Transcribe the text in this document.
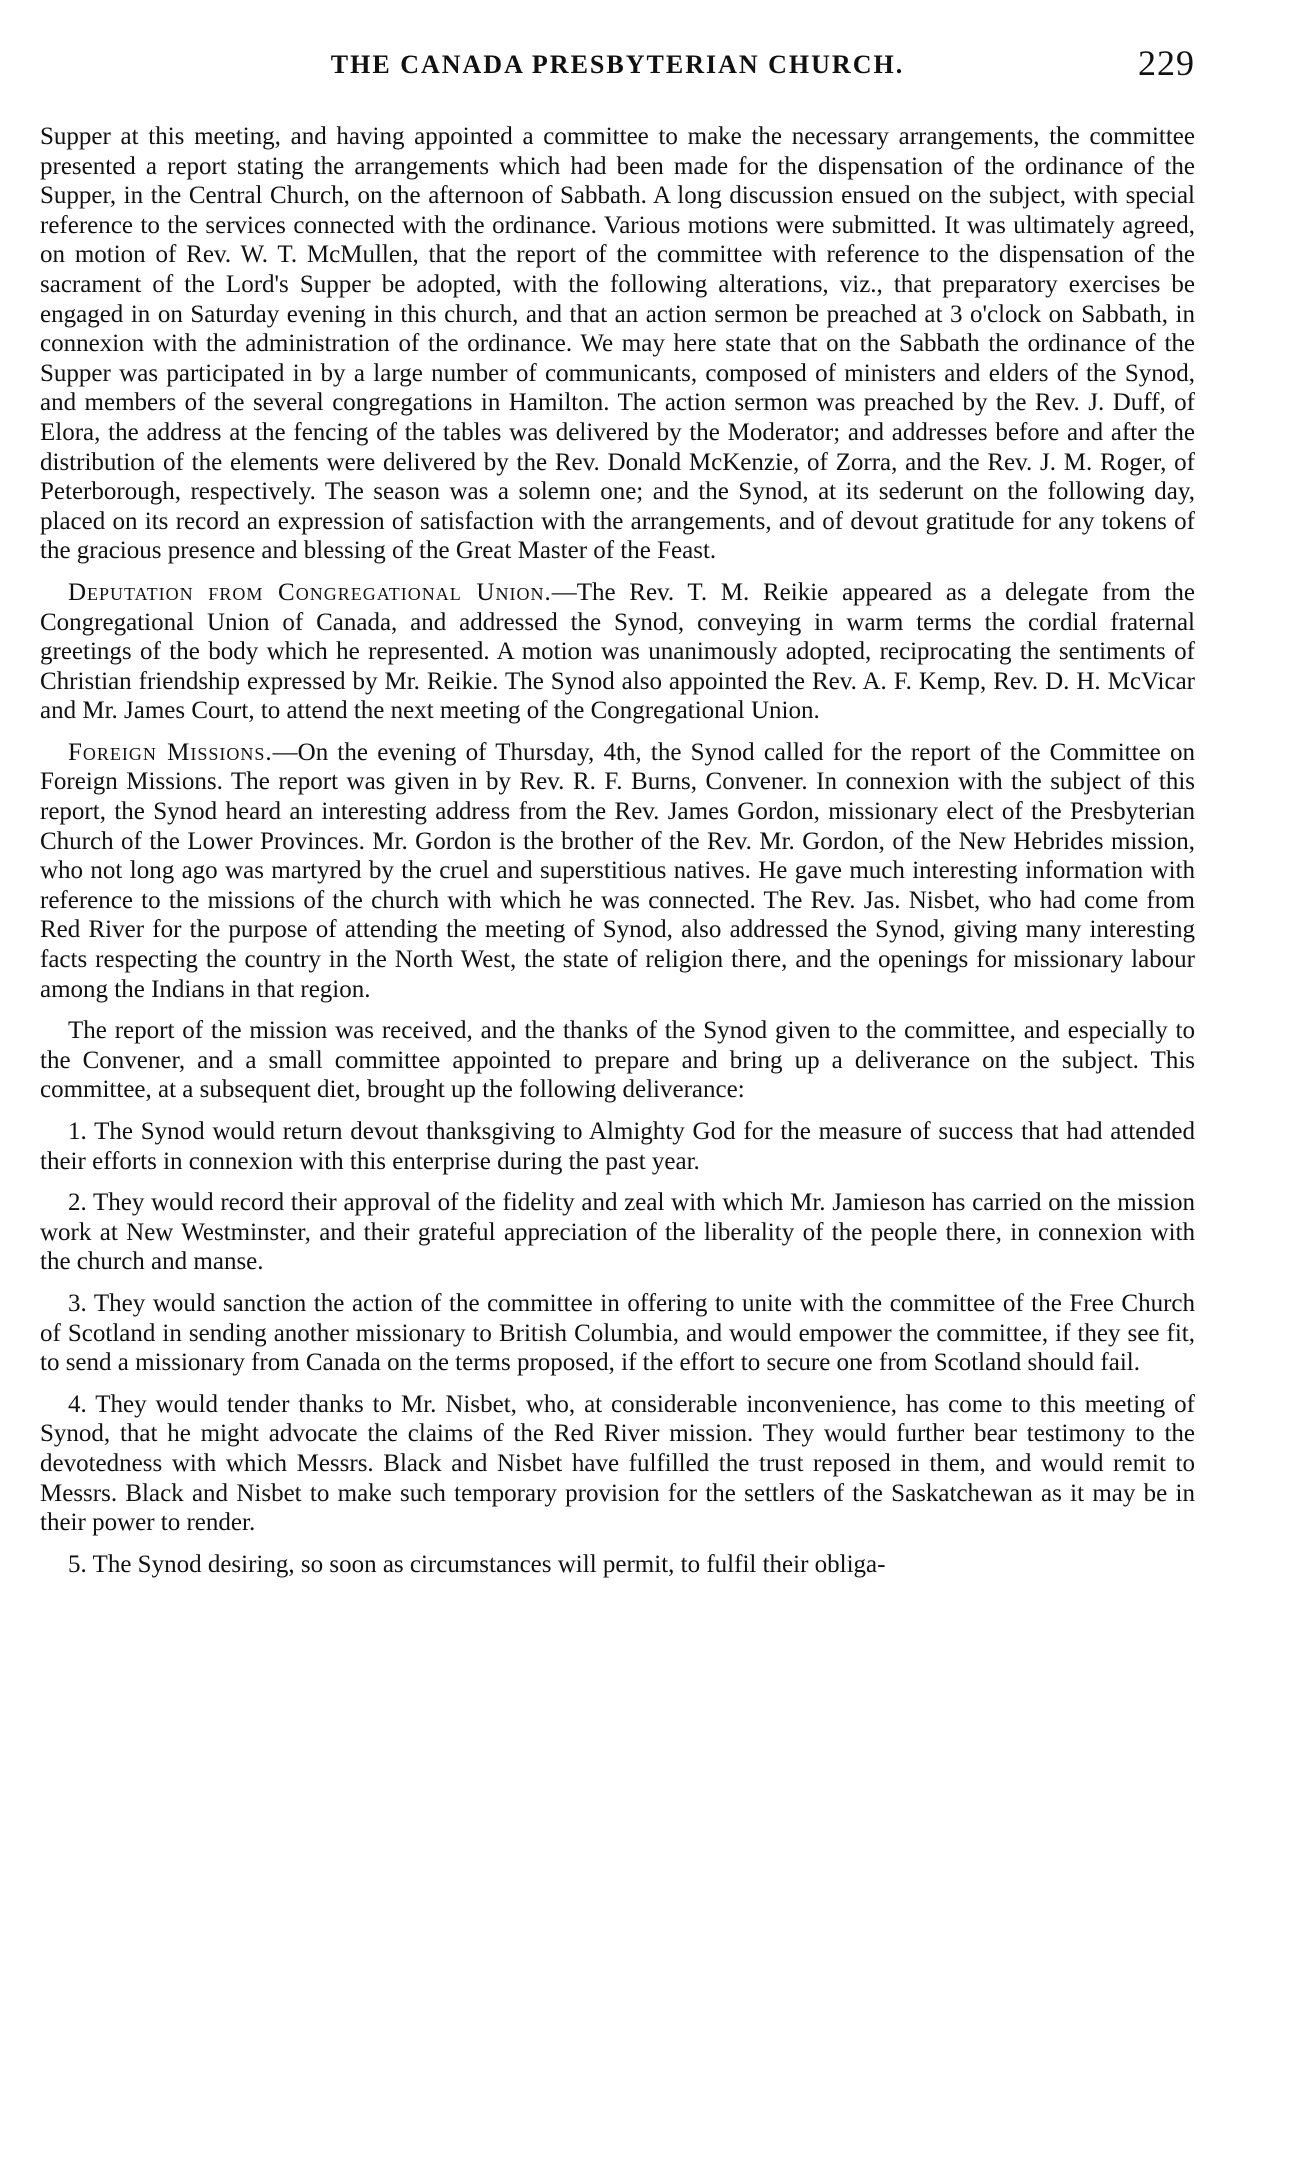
THE CANADA PRESBYTERIAN CHURCH.	229

Supper at this meeting, and having appointed a committee to make the necessary arrangements, the committee presented a report stating the arrangements which had been made for the dispensation of the ordinance of the Supper, in the Central Church, on the afternoon of Sabbath. A long discussion ensued on the subject, with special reference to the services connected with the ordinance. Various motions were submitted. It was ultimately agreed, on motion of Rev. W. T. McMullen, that the report of the committee with reference to the dispensation of the sacrament of the Lord's Supper be adopted, with the following alterations, viz., that preparatory exercises be engaged in on Saturday evening in this church, and that an action sermon be preached at 3 o'clock on Sabbath, in connexion with the administration of the ordinance. We may here state that on the Sabbath the ordinance of the Supper was participated in by a large number of communicants, composed of ministers and elders of the Synod, and members of the several congregations in Hamilton. The action sermon was preached by the Rev. J. Duff, of Elora, the address at the fencing of the tables was delivered by the Moderator; and addresses before and after the distribution of the elements were delivered by the Rev. Donald McKenzie, of Zorra, and the Rev. J. M. Roger, of Peterborough, respectively. The season was a solemn one; and the Synod, at its sederunt on the following day, placed on its record an expression of satisfaction with the arrangements, and of devout gratitude for any tokens of the gracious presence and blessing of the Great Master of the Feast.

Deputation from Congregational Union.—The Rev. T. M. Reikie appeared as a delegate from the Congregational Union of Canada, and addressed the Synod, conveying in warm terms the cordial fraternal greetings of the body which he represented. A motion was unanimously adopted, reciprocating the sentiments of Christian friendship expressed by Mr. Reikie. The Synod also appointed the Rev. A. F. Kemp, Rev. D. H. McVicar and Mr. James Court, to attend the next meeting of the Congregational Union.

Foreign Missions.—On the evening of Thursday, 4th, the Synod called for the report of the Committee on Foreign Missions. The report was given in by Rev. R. F. Burns, Convener. In connexion with the subject of this report, the Synod heard an interesting address from the Rev. James Gordon, missionary elect of the Presbyterian Church of the Lower Provinces. Mr. Gordon is the brother of the Rev. Mr. Gordon, of the New Hebrides mission, who not long ago was martyred by the cruel and superstitious natives. He gave much interesting information with reference to the missions of the church with which he was connected. The Rev. Jas. Nisbet, who had come from Red River for the purpose of attending the meeting of Synod, also addressed the Synod, giving many interesting facts respecting the country in the North West, the state of religion there, and the openings for missionary labour among the Indians in that region.

The report of the mission was received, and the thanks of the Synod given to the committee, and especially to the Convener, and a small committee appointed to prepare and bring up a deliverance on the subject. This committee, at a subsequent diet, brought up the following deliverance:

1. The Synod would return devout thanksgiving to Almighty God for the measure of success that had attended their efforts in connexion with this enterprise during the past year.

2. They would record their approval of the fidelity and zeal with which Mr. Jamieson has carried on the mission work at New Westminster, and their grateful appreciation of the liberality of the people there, in connexion with the church and manse.

3. They would sanction the action of the committee in offering to unite with the committee of the Free Church of Scotland in sending another missionary to British Columbia, and would empower the committee, if they see fit, to send a missionary from Canada on the terms proposed, if the effort to secure one from Scotland should fail.

4. They would tender thanks to Mr. Nisbet, who, at considerable inconvenience, has come to this meeting of Synod, that he might advocate the claims of the Red River mission. They would further bear testimony to the devotedness with which Messrs. Black and Nisbet have fulfilled the trust reposed in them, and would remit to Messrs. Black and Nisbet to make such temporary provision for the settlers of the Saskatchewan as it may be in their power to render.

5. The Synod desiring, so soon as circumstances will permit, to fulfil their obliga-
